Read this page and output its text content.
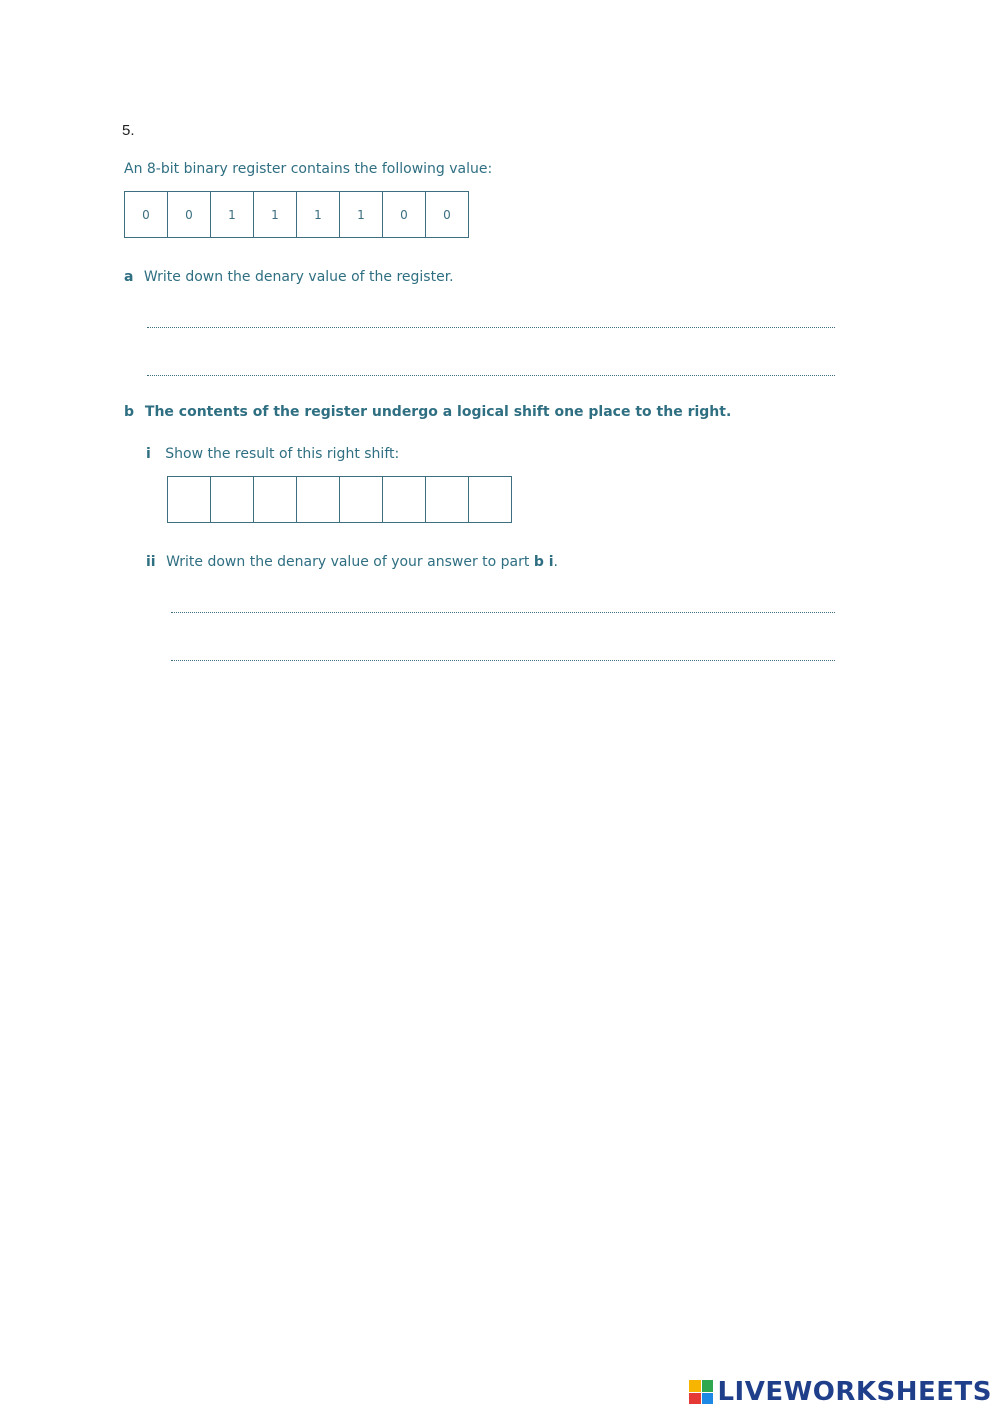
5.
An 8-bit binary register contains the following value:
0	0	1	1	1	1	0	0
a Write down the denary value of the register.
b The contents of the register undergo a logical shift one place to the right.
i Show the result of this right shift:
ii Write down the denary value of your answer to part b i.
LIVEWORKSHEETS
